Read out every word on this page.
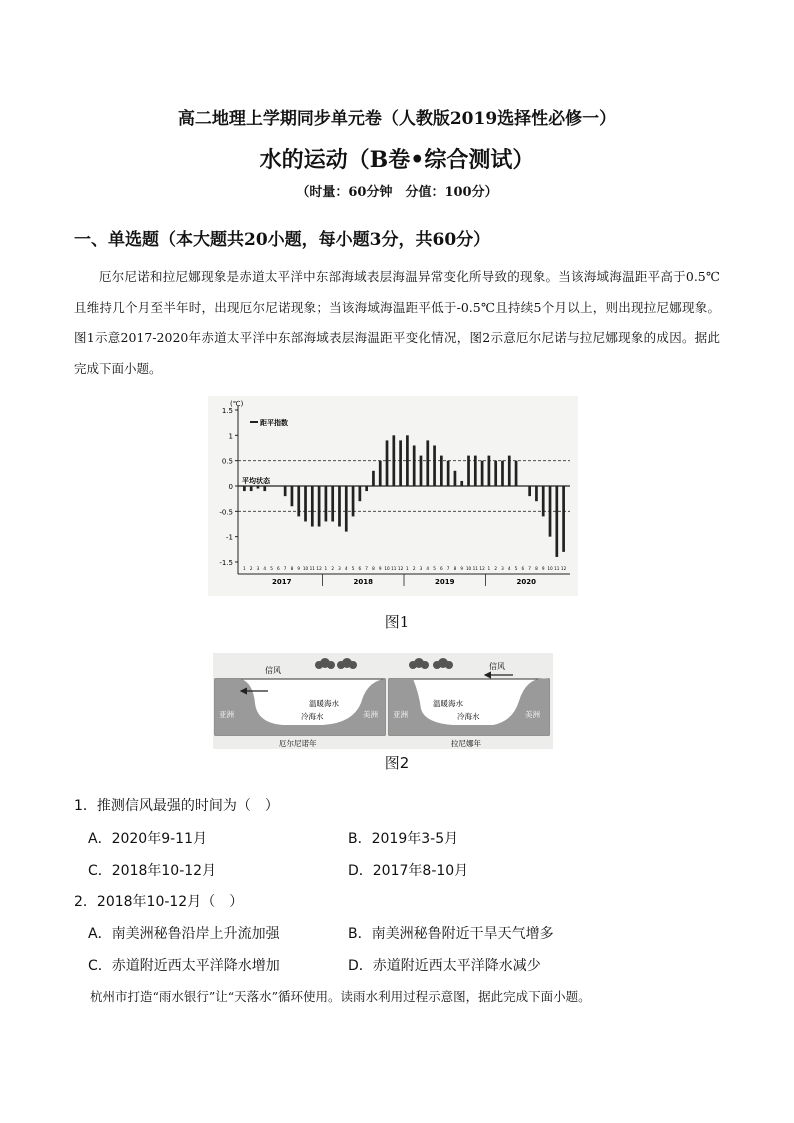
高二地理上学期同步单元卷（人教版2019选择性必修一）
水的运动（B卷•综合测试）
（时量：60分钟　分值：100分）
一、单选题（本大题共20小题，每小题3分，共60分）

厄尔尼诺和拉尼娜现象是赤道太平洋中东部海域表层海温异常变化所导致的现象。当该海域海温距平高于0.5℃且维持几个月至半年时，出现厄尔尼诺现象；当该海域海温距平低于-0.5℃且持续5个月以上，则出现拉尼娜现象。图1示意2017-2020年赤道太平洋中东部海域表层海温距平变化情况，图2示意厄尔尼诺与拉尼娜现象的成因。据此完成下面小题。

1.5
1
0.5
0
-0.5
-1
-1.5
(℃)
距平指数
平均状态
1 2 3 4 5 6 7 8 9 10 11 12 1 2 3 4 5 6 7 8 9 10 11 12 1 2 3 4 5 6 7 8 9 10 11 12 1 2 3 4 5 6 7 8 9 10 11 12
2017	2018	2019	2020
图1
信风
温暖海水
冷海水
亚洲	美洲
厄尔尼诺年
信风
温暖海水
冷海水
亚洲	美洲
拉尼娜年
图2
1．推测信风最强的时间为（　）
A．2020年9-11月	B．2019年3-5月
C．2018年10-12月	D．2017年8-10月
2．2018年10-12月（　）
A．南美洲秘鲁沿岸上升流加强	B．南美洲秘鲁附近干旱天气增多
C．赤道附近西太平洋降水增加	D．赤道附近西太平洋降水减少
杭州市打造“雨水银行”让“天落水”循环使用。读雨水利用过程示意图，据此完成下面小题。
